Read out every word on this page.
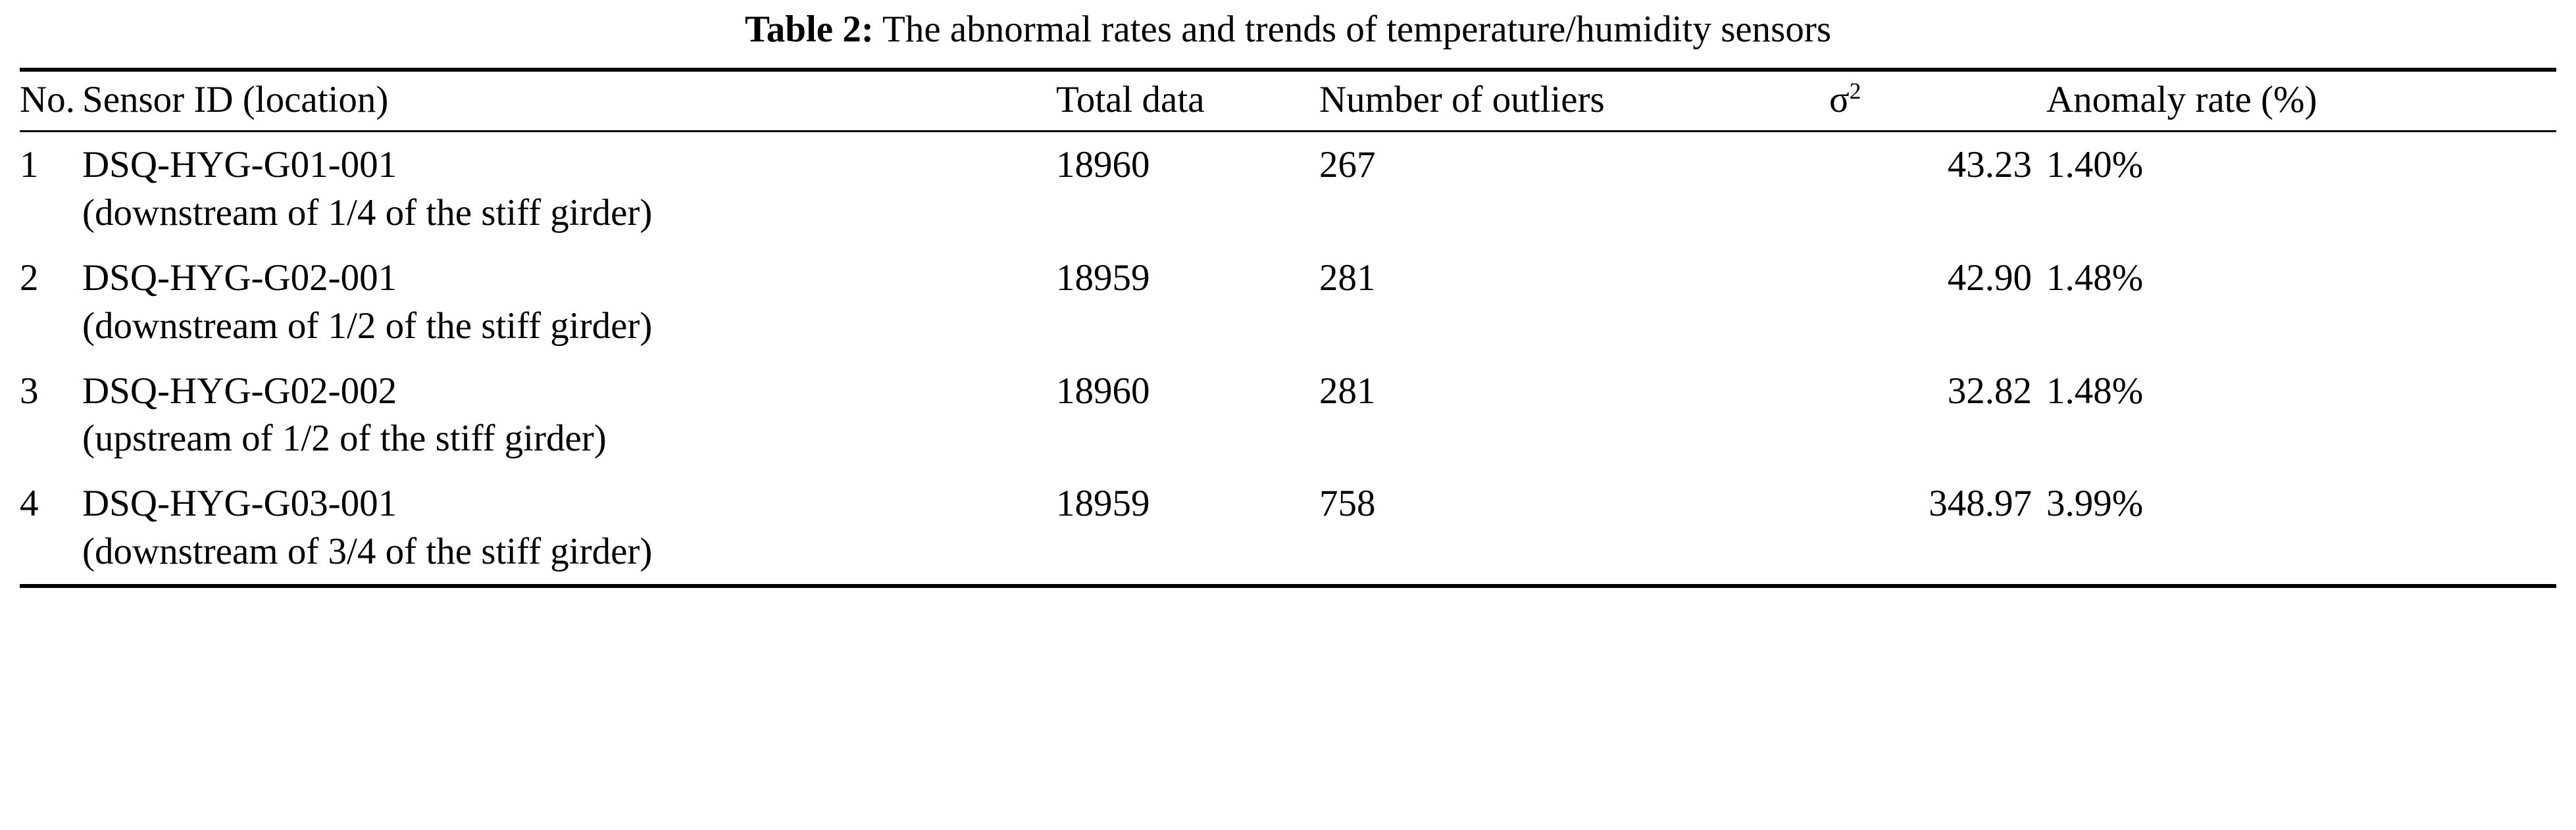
Table 2: The abnormal rates and trends of temperature/humidity sensors
No.	Sensor ID (location)	Total data	Number of outliers	$\sigma^2$	Anomaly rate (%)
1	DSQ-HYG-G01-001
(downstream of 1/4 of the stiff girder)	18960	267	43.23	1.40%
2	DSQ-HYG-G02-001
(downstream of 1/2 of the stiff girder)	18959	281	42.90	1.48%
3	DSQ-HYG-G02-002
(upstream of 1/2 of the stiff girder)	18960	281	32.82	1.48%
4	DSQ-HYG-G03-001
(downstream of 3/4 of the stiff girder)	18959	758	348.97	3.99%
